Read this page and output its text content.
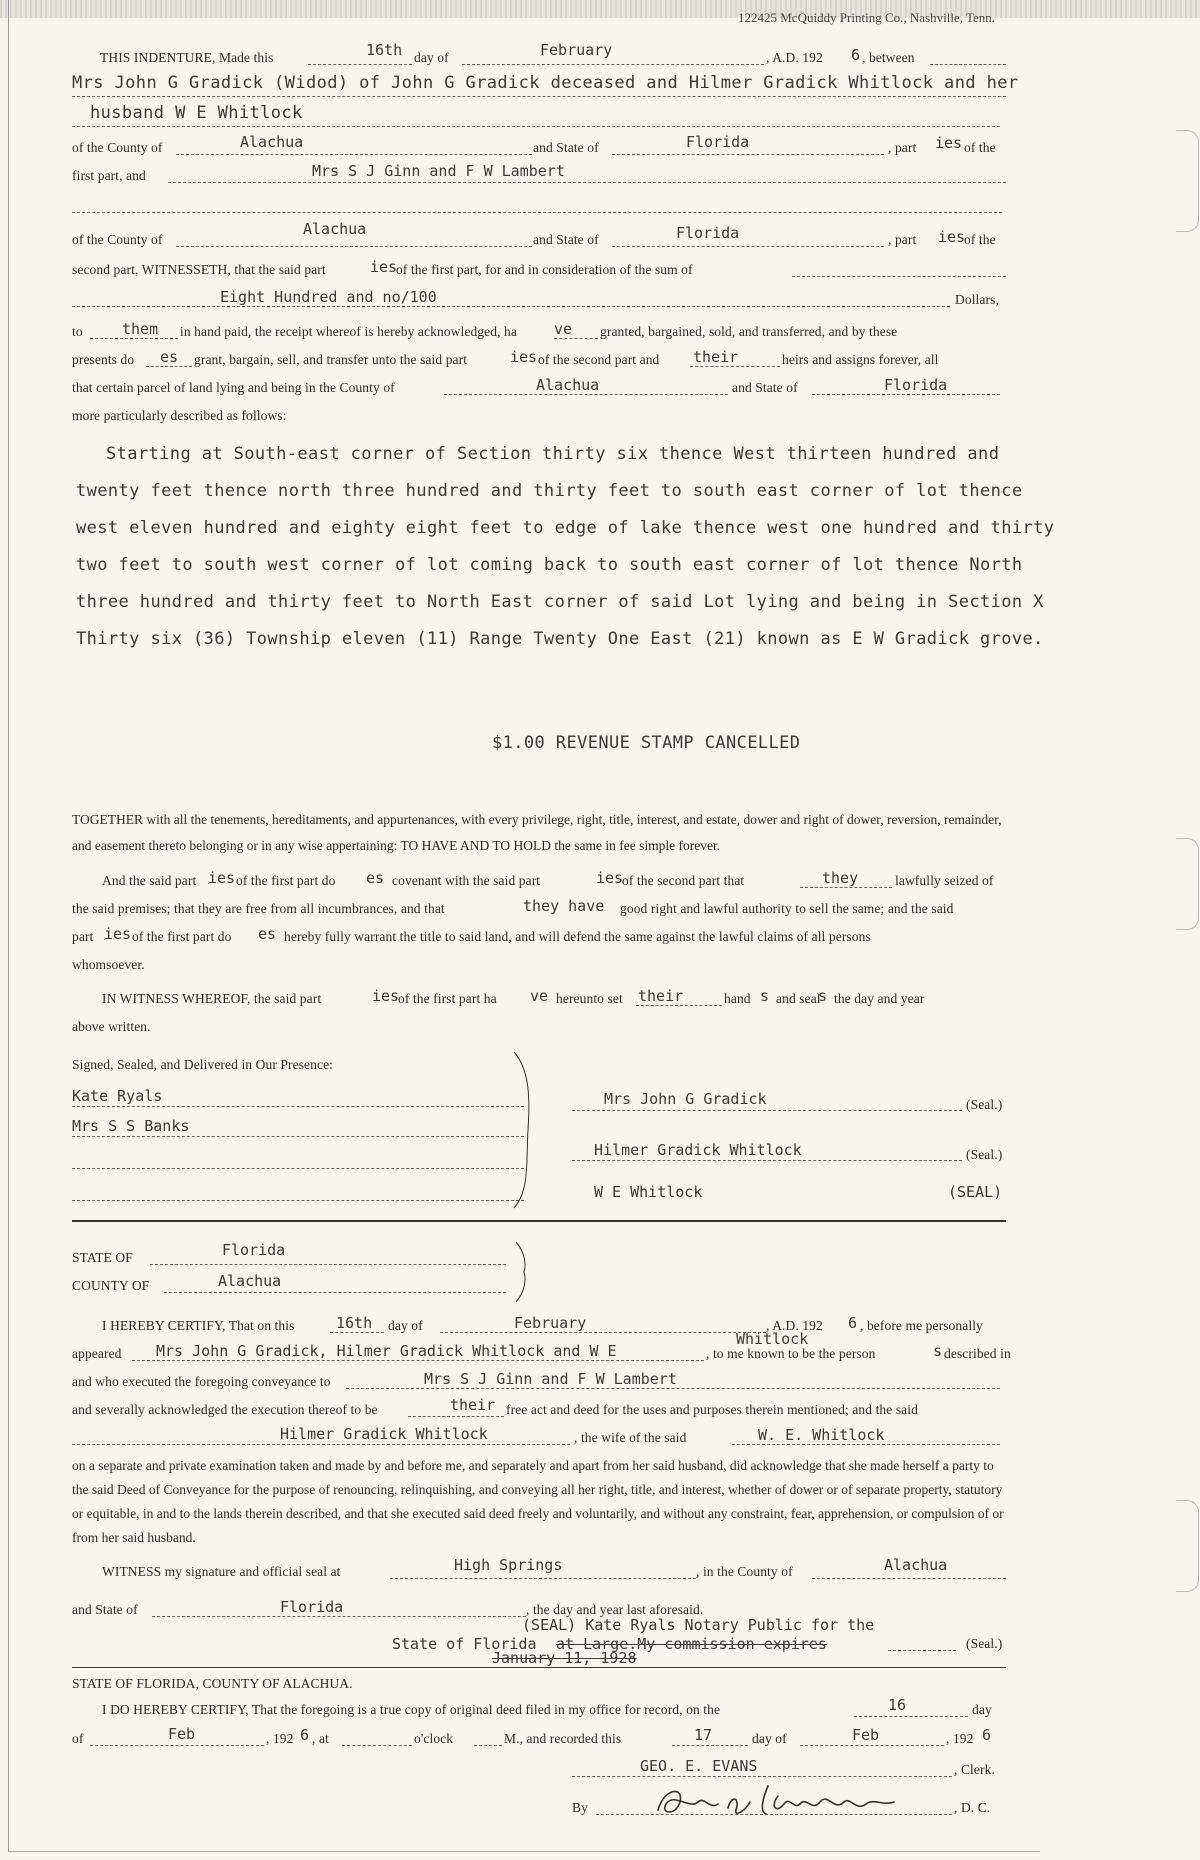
122425 McQuiddy Printing Co., Nashville, Tenn.
THIS INDENTURE, Made this	16th day of	February	, A.D. 192 6 , between
Mrs John G Gradick (Widod) of John G Gradick deceased and Hilmer Gradick Whitlock and her
husband W E Whitlock
of the County of	Alachua	and State of	Florida	, part ies of the
first part, and	Mrs S J Ginn and F W Lambert
of the County of
Alachua
and State of	Florida	, part ies
of the
second part, WITNESSETH, that the said part	ies
of the first part, for and in consideration of the sum of
Eight Hundred and no/100	Dollars,
to	them in hand paid, the receipt whereof is hereby acknowledged, ha ve granted, bargained, sold, and transferred, and by these
presents do es grant, bargain, sell, and transfer unto the said part	ies of the second part and their	heirs and assigns forever, all
that certain parcel of land lying and being in the County of	Alachua	and State of	Florida
more particularly described as follows:
Starting at South-east corner of Section thirty six thence West thirteen hundred and
twenty feet thence north three hundred and thirty feet to south east corner of lot thence
west eleven hundred and eighty eight feet to edge of lake thence west one hundred and thirty
two feet to south west corner of lot coming back to south east corner of lot thence North
three hundred and thirty feet to North East corner of said Lot lying and being in Section X
Thirty six (36) Township eleven (11) Range Twenty One East (21) known as E W Gradick grove.
$1.00 REVENUE STAMP CANCELLED
TOGETHER with all the tenements, hereditaments, and appurtenances, with every privilege, right, title, interest, and estate, dower and right of dower, reversion, remainder, and easement thereto belonging or in any wise appertaining: TO HAVE AND TO HOLD the same in fee simple forever.
And the said part ies of the first part do es covenant with the said part	ies
of the second part that	they	lawfully seized of
the said premises; that they are free from all incumbrances, and that	they have good right and lawful authority to sell the same; and the said
part ies of the first part do es hereby fully warrant the title to said land, and will defend the same against the lawful claims of all persons
whomsoever.
IN WITNESS WHEREOF, the said part	ies
of the first part ha ve hereunto set their	hand s and seal
s the day and year
above written.
Signed, Sealed, and Delivered in Our Presence:
Kate Ryals
Mrs S S Banks
Mrs John G Gradick	(Seal.)
Hilmer Gradick Whitlock	(Seal.)
W E Whitlock	(SEAL)
STATE OF	Florida
COUNTY OF	Alachua
I HEREBY CERTIFY, That on this	16th day of	February	, A.D. 192 6 , before me personally
Whitlock
appeared Mrs John G Gradick, Hilmer Gradick Whitlock and W E	, to me known to be the person	s described in
and who executed the foregoing conveyance to	Mrs S J Ginn and F W Lambert
and severally acknowledged the execution thereof to be	their free act and deed for the uses and purposes therein mentioned; and the said
Hilmer Gradick Whitlock	, the wife of the said	W. E. Whitlock
on a separate and private examination taken and made by and before me, and separately and apart from her said husband, did acknowledge that she made herself a party to the said Deed of Conveyance for the purpose of renouncing, relinquishing, and conveying all her right, title, and interest, whether of dower or of separate property, statutory or equitable, in and to the lands therein described, and that she executed said deed freely and voluntarily, and without any constraint, fear, apprehension, or compulsion of or from her said husband.
WITNESS my signature and official seal at	High Springs	, in the County of	Alachua
and State of	Florida	, the day and year last aforesaid.
(SEAL) Kate Ryals Notary Public for the
State of Florida at Large.My commission expires	(Seal.)
January 11, 1928
STATE OF FLORIDA, COUNTY OF ALACHUA.
I DO HEREBY CERTIFY, That the foregoing is a true copy of original deed filed in my office for record, on the	16	day
of	Feb	, 192 6 , at	o'clock	M., and recorded this	17	day of	Feb	, 192 6
GEO. E. EVANS	, Clerk.
By	, D. C.
